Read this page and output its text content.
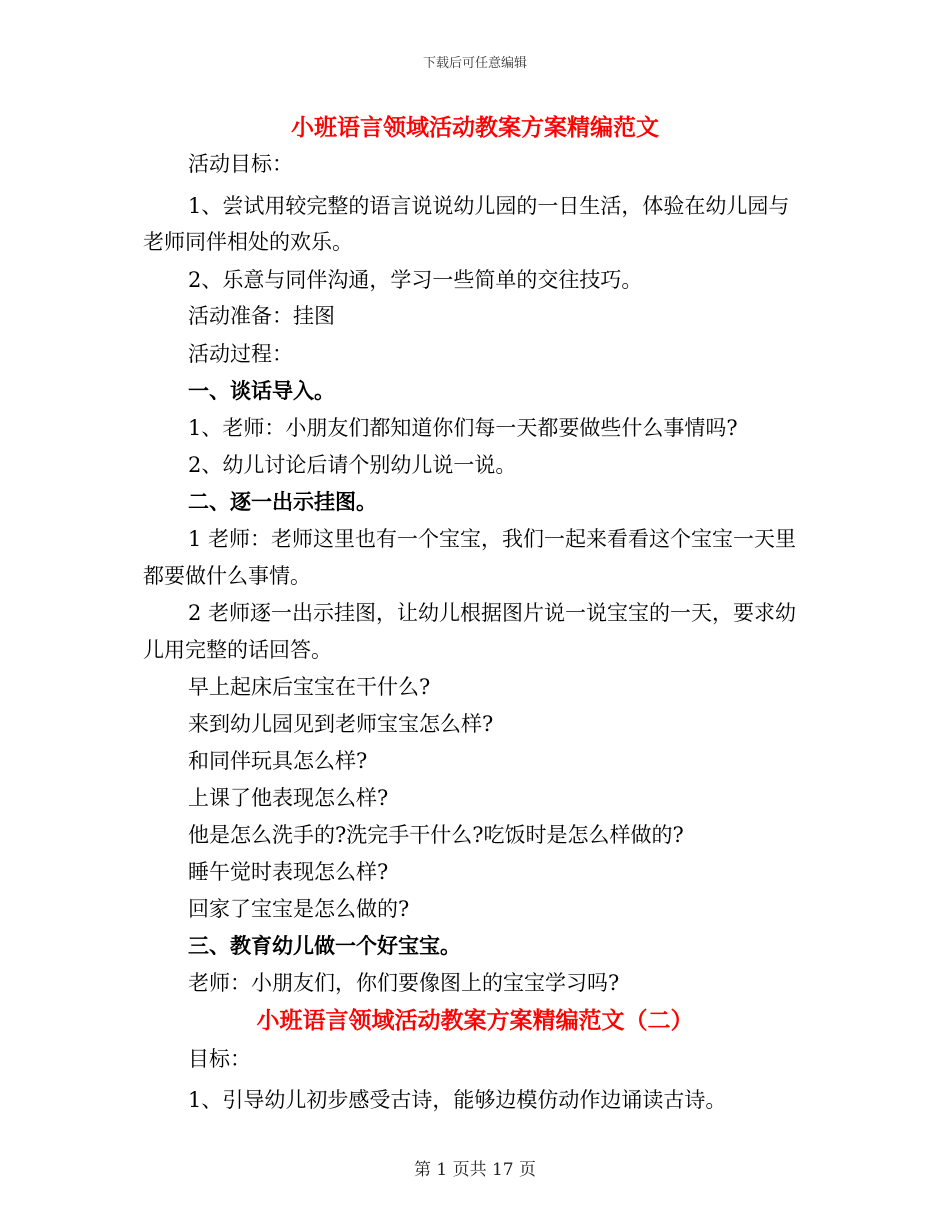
下载后可任意编辑
小班语言领域活动教案方案精编范文
活动目标：
1、尝试用较完整的语言说说幼儿园的一日生活，体验在幼儿园与
老师同伴相处的欢乐。
2、乐意与同伴沟通，学习一些简单的交往技巧。
活动准备：挂图
活动过程：
一、谈话导入。
1、老师：小朋友们都知道你们每一天都要做些什么事情吗?
2、幼儿讨论后请个别幼儿说一说。
二、逐一出示挂图。
1 老师：老师这里也有一个宝宝，我们一起来看看这个宝宝一天里
都要做什么事情。
2 老师逐一出示挂图，让幼儿根据图片说一说宝宝的一天，要求幼
儿用完整的话回答。
早上起床后宝宝在干什么?
来到幼儿园见到老师宝宝怎么样?
和同伴玩具怎么样?
上课了他表现怎么样?
他是怎么洗手的?洗完手干什么?吃饭时是怎么样做的?
睡午觉时表现怎么样?
回家了宝宝是怎么做的?
三、教育幼儿做一个好宝宝。
老师：小朋友们，你们要像图上的宝宝学习吗?
小班语言领域活动教案方案精编范文（二）
目标：
1、引导幼儿初步感受古诗，能够边模仿动作边诵读古诗。
第 1 页共 17 页
